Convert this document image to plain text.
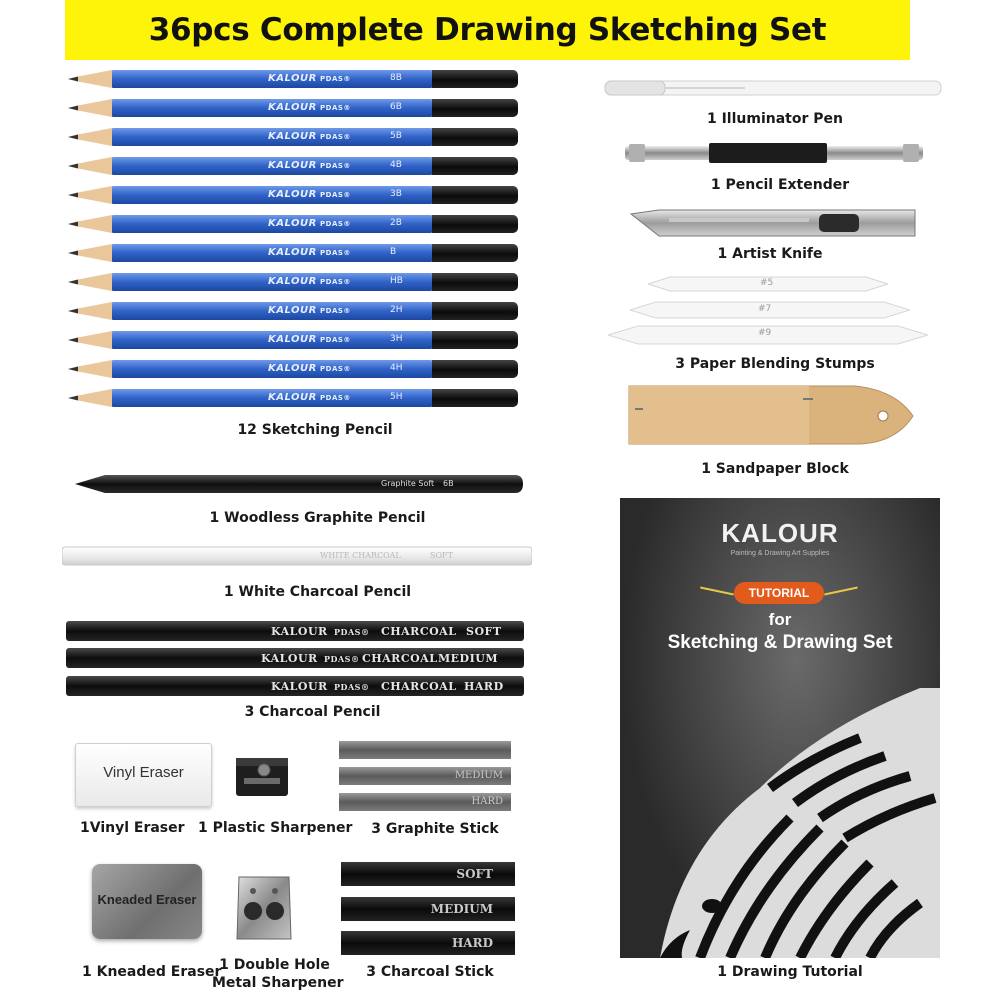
36pcs Complete Drawing Sketching Set
KALOUR PDAS®	8B
KALOUR PDAS®	6B
KALOUR PDAS®	5B
KALOUR PDAS®	4B
KALOUR PDAS®	3B
KALOUR PDAS®	2B
KALOUR PDAS®	B
KALOUR PDAS®	HB
KALOUR PDAS®	2H
KALOUR PDAS®	3H
KALOUR PDAS®	4H
KALOUR PDAS®	5H
12 Sketching Pencil
Graphite Soft 6B
1 Woodless Graphite Pencil
WHITE CHARCOAL	SOFT
1 White Charcoal Pencil
KALOUR PDAS® CHARCOAL SOFT
KALOUR PDAS® CHARCOAL MEDIUM
KALOUR PDAS® CHARCOAL HARD
3 Charcoal Pencil
Vinyl Eraser
1Vinyl Eraser 1 Plastic Sharpener
MEDIUM
HARD
3 Graphite Stick
Kneaded Eraser
1 Kneaded Eraser
1 Double Hole
Metal Sharpener
SOFT
MEDIUM
HARD
3 Charcoal Stick
1 Illuminator Pen
1 Pencil Extender
1 Artist Knife
#5
#7
#9
3 Paper Blending Stumps
1 Sandpaper Block
KALOUR
Painting & Drawing Art Supplies
TUTORIAL
for
Sketching & Drawing Set
1 Drawing Tutorial
